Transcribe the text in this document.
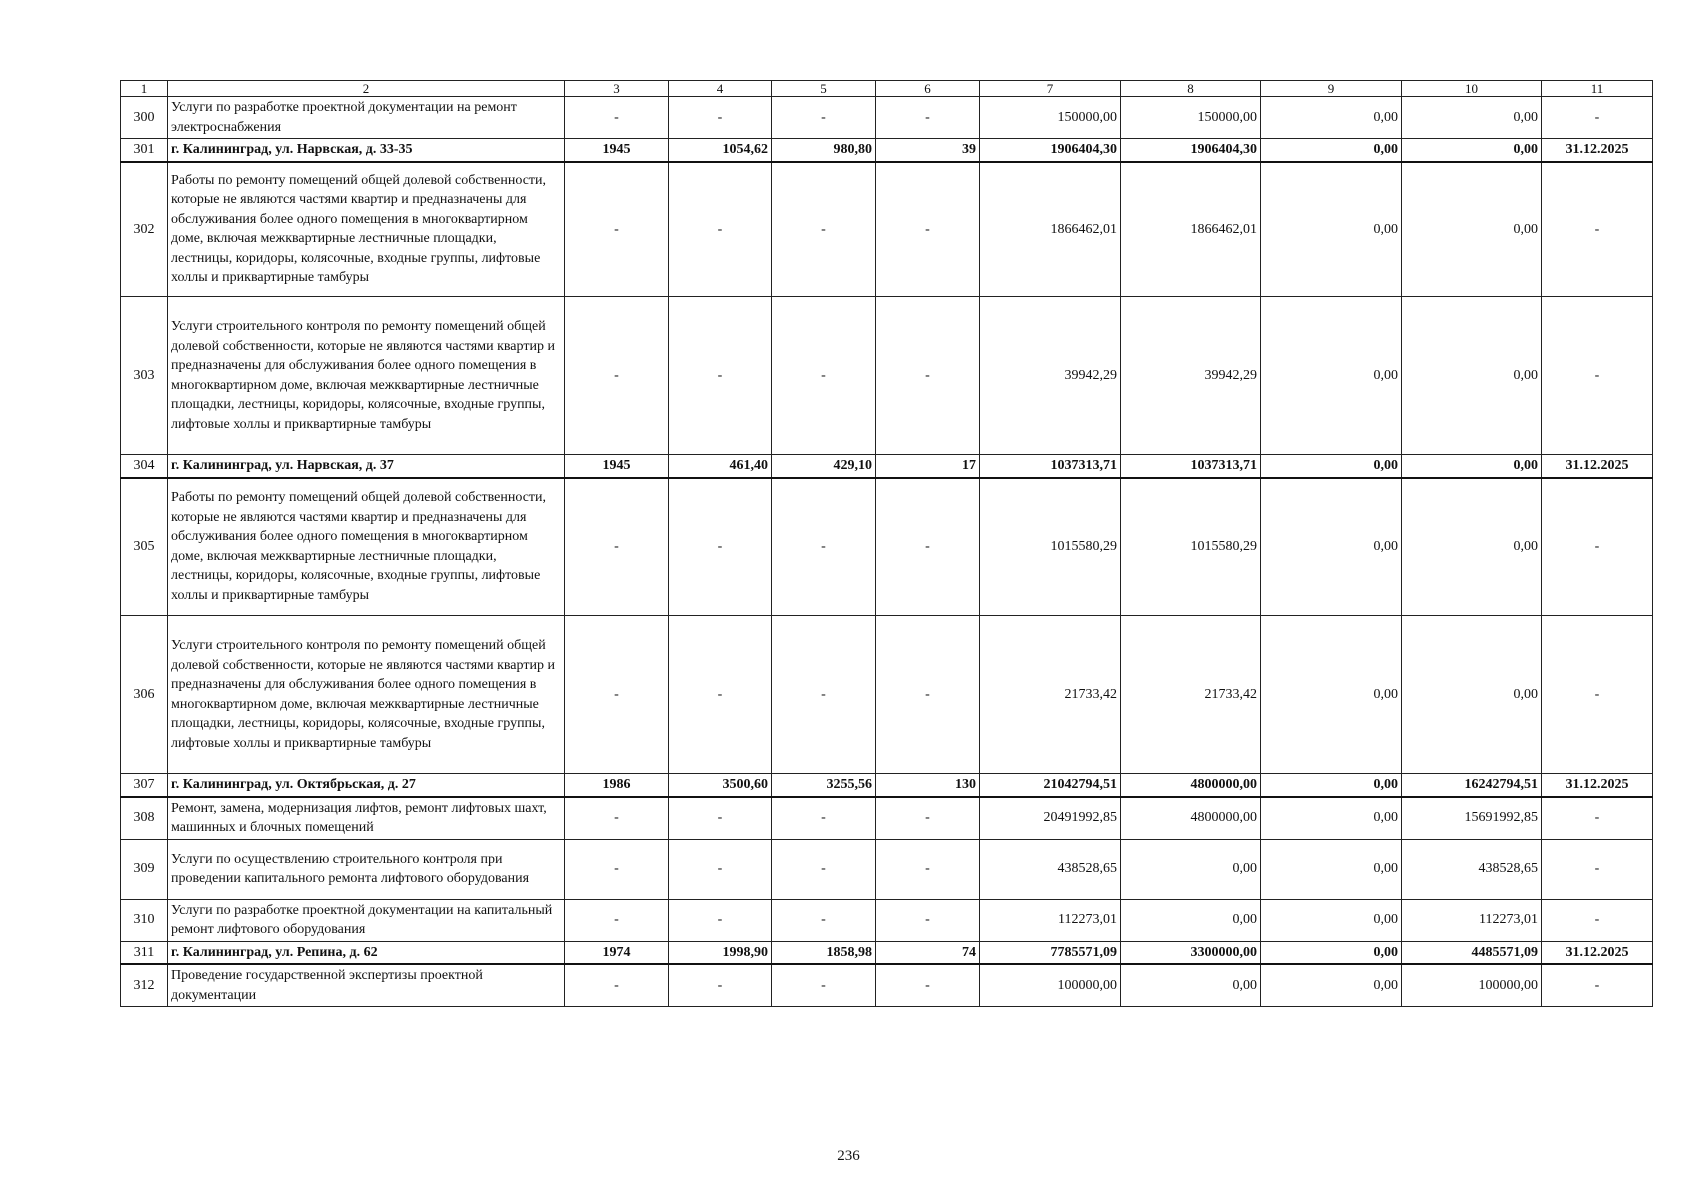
1	2	3	4	5	6	7	8	9	10	11
300	Услуги по разработке проектной документации на ремонт электроснабжения	-	-	-	-	150000,00	150000,00	0,00	0,00	-
301	г. Калининград, ул. Нарвская, д. 33-35	1945	1054,62	980,80	39	1906404,30	1906404,30	0,00	0,00	31.12.2025
302	Работы по ремонту помещений общей долевой собственности, которые не являются частями квартир и предназначены для обслуживания более одного помещения в многоквартирном доме, включая межквартирные лестничные площадки, лестницы, коридоры, колясочные, входные группы, лифтовые холлы и приквартирные тамбуры	-	-	-	-	1866462,01	1866462,01	0,00	0,00	-
303	Услуги строительного контроля по ремонту помещений общей долевой собственности, которые не являются частями квартир и предназначены для обслуживания более одного помещения в многоквартирном доме, включая межквартирные лестничные площадки, лестницы, коридоры, колясочные, входные группы, лифтовые холлы и приквартирные тамбуры	-	-	-	-	39942,29	39942,29	0,00	0,00	-
304	г. Калининград, ул. Нарвская, д. 37	1945	461,40	429,10	17	1037313,71	1037313,71	0,00	0,00	31.12.2025
305	Работы по ремонту помещений общей долевой собственности, которые не являются частями квартир и предназначены для обслуживания более одного помещения в многоквартирном доме, включая межквартирные лестничные площадки, лестницы, коридоры, колясочные, входные группы, лифтовые холлы и приквартирные тамбуры	-	-	-	-	1015580,29	1015580,29	0,00	0,00	-
306	Услуги строительного контроля по ремонту помещений общей долевой собственности, которые не являются частями квартир и предназначены для обслуживания более одного помещения в многоквартирном доме, включая межквартирные лестничные площадки, лестницы, коридоры, колясочные, входные группы, лифтовые холлы и приквартирные тамбуры	-	-	-	-	21733,42	21733,42	0,00	0,00	-
307	г. Калининград, ул. Октябрьская, д. 27	1986	3500,60	3255,56	130	21042794,51	4800000,00	0,00	16242794,51	31.12.2025
308	Ремонт, замена, модернизация лифтов, ремонт лифтовых шахт, машинных и блочных помещений	-	-	-	-	20491992,85	4800000,00	0,00	15691992,85	-
309	Услуги по осуществлению строительного контроля при проведении капитального ремонта лифтового оборудования	-	-	-	-	438528,65	0,00	0,00	438528,65	-
310	Услуги по разработке проектной документации на капитальный ремонт лифтового оборудования	-	-	-	-	112273,01	0,00	0,00	112273,01	-
311	г. Калининград, ул. Репина, д. 62	1974	1998,90	1858,98	74	7785571,09	3300000,00	0,00	4485571,09	31.12.2025
312	Проведение государственной экспертизы проектной документации	-	-	-	-	100000,00	0,00	0,00	100000,00	-
236
